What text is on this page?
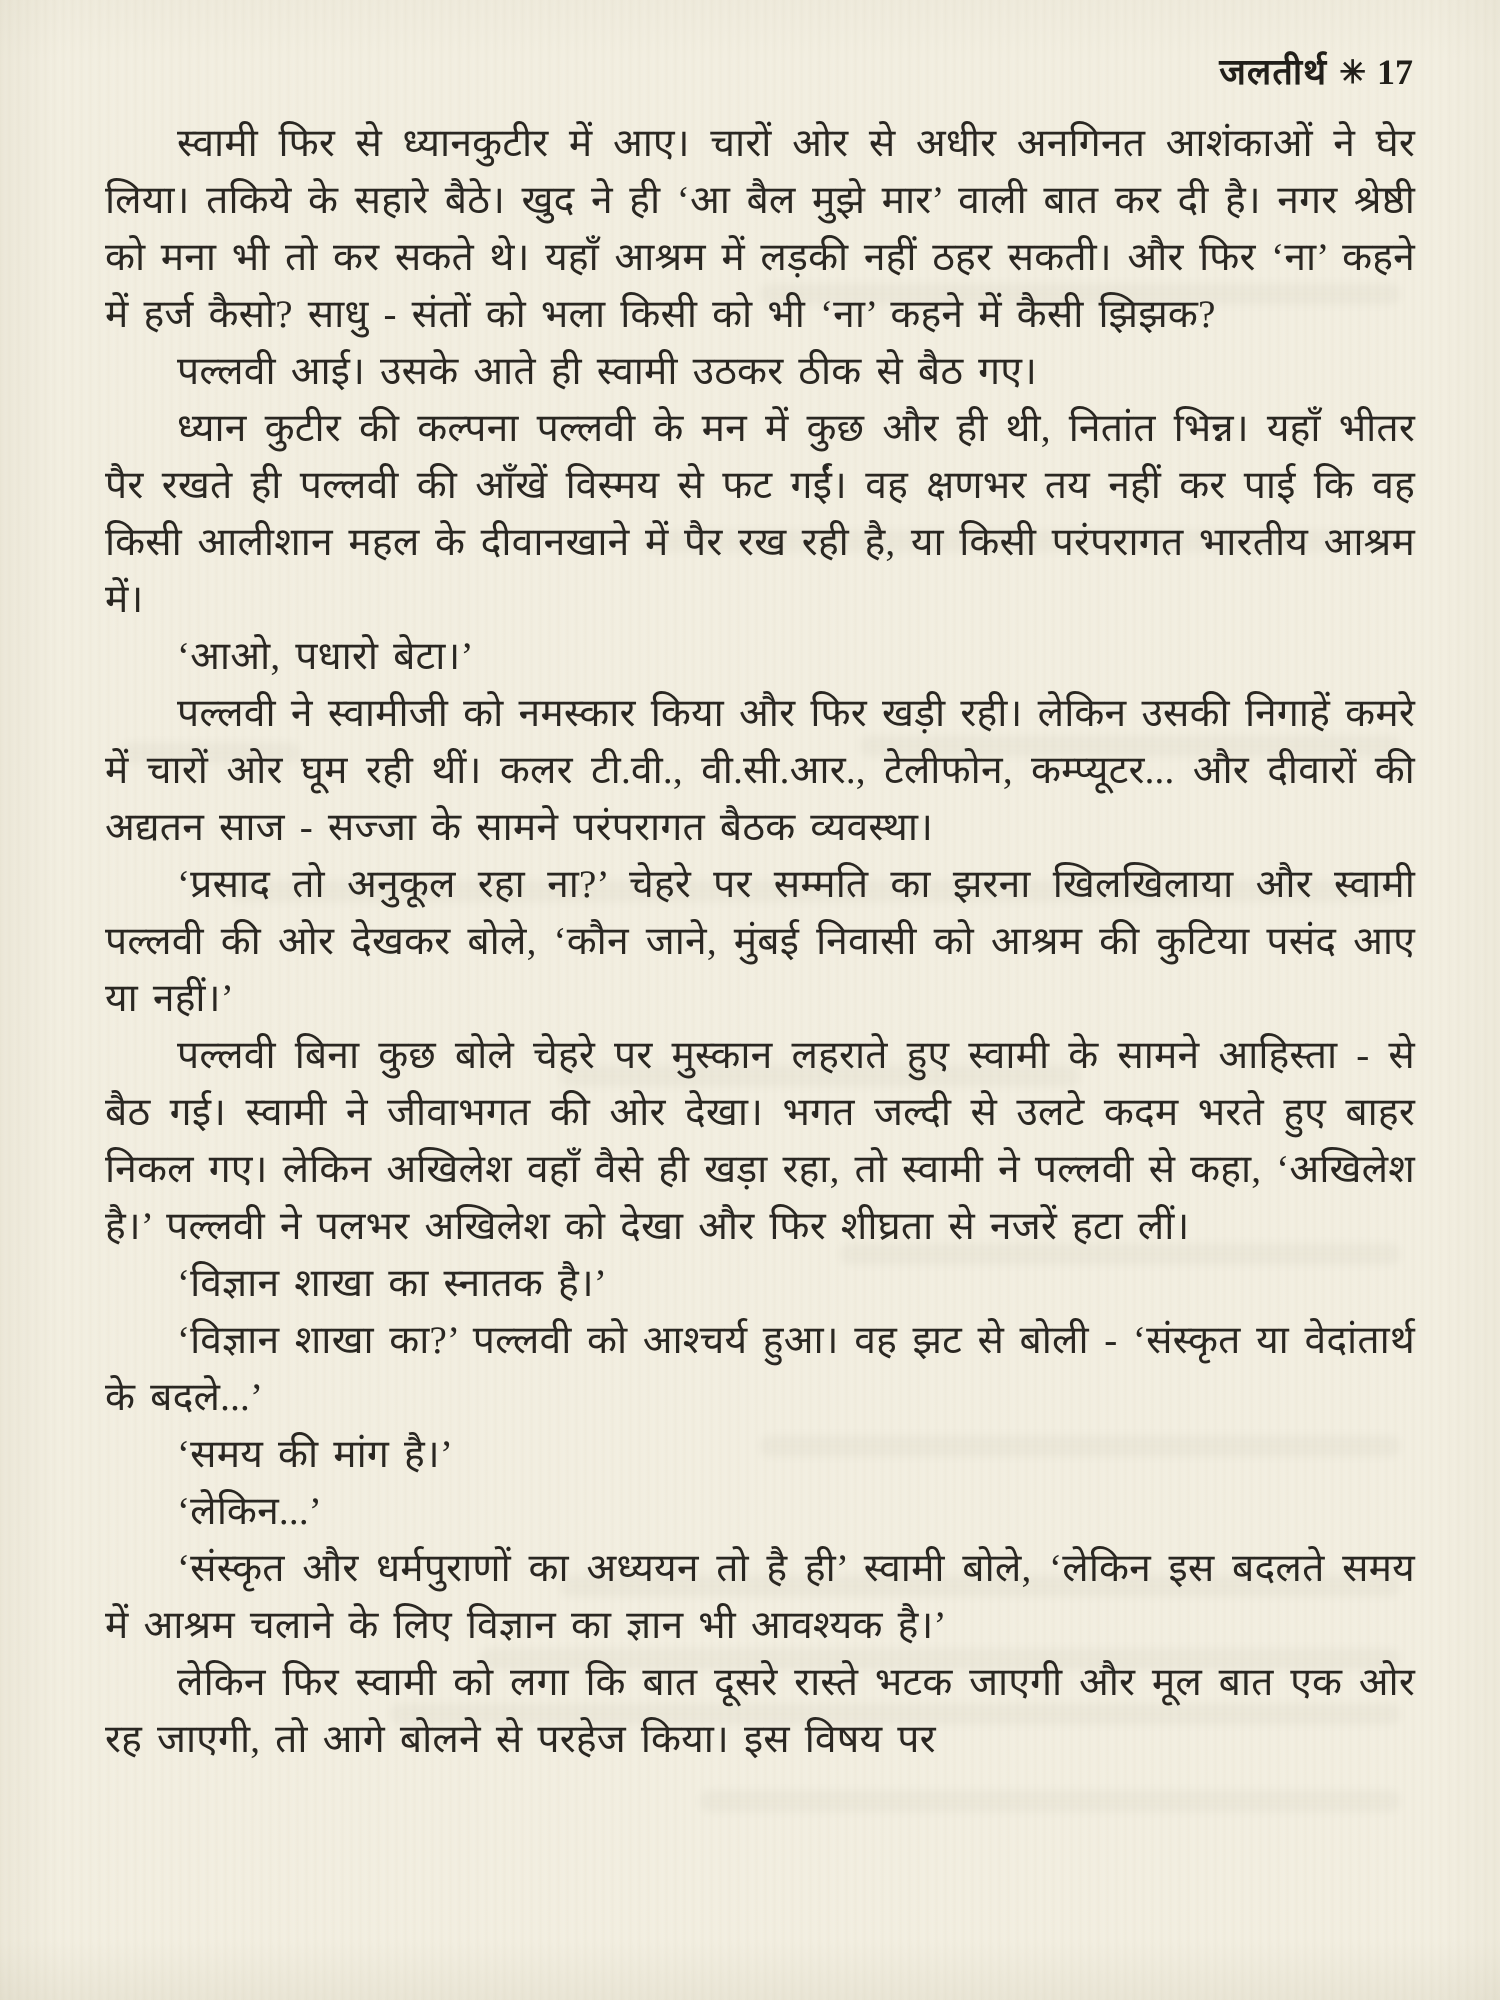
जलतीर्थ ✳ 17

स्वामी फिर से ध्यानकुटीर में आए। चारों ओर से अधीर अनगिनत आशंकाओं ने घेर लिया। तकिये के सहारे बैठे। खुद ने ही ‘आ बैल मुझे मार’ वाली बात कर दी है। नगर श्रेष्ठी को मना भी तो कर सकते थे। यहाँ आश्रम में लड़की नहीं ठहर सकती। और फिर ‘ना’ कहने में हर्ज कैसो? साधु - संतों को भला किसी को भी ‘ना’ कहने में कैसी झिझक?

पल्लवी आई। उसके आते ही स्वामी उठकर ठीक से बैठ गए।

ध्यान कुटीर की कल्पना पल्लवी के मन में कुछ और ही थी, नितांत भिन्न। यहाँ भीतर पैर रखते ही पल्लवी की आँखें विस्मय से फट गईं। वह क्षणभर तय नहीं कर पाई कि वह किसी आलीशान महल के दीवानखाने में पैर रख रही है, या किसी परंपरागत भारतीय आश्रम में।

‘आओ, पधारो बेटा।’

पल्लवी ने स्वामीजी को नमस्कार किया और फिर खड़ी रही। लेकिन उसकी निगाहें कमरे में चारों ओर घूम रही थीं। कलर टी.वी., वी.सी.आर., टेलीफोन, कम्प्यूटर... और दीवारों की अद्यतन साज - सज्जा के सामने परंपरागत बैठक व्यवस्था।

‘प्रसाद तो अनुकूल रहा ना?’ चेहरे पर सम्मति का झरना खिलखिलाया और स्वामी पल्लवी की ओर देखकर बोले, ‘कौन जाने, मुंबई निवासी को आश्रम की कुटिया पसंद आए या नहीं।’

पल्लवी बिना कुछ बोले चेहरे पर मुस्कान लहराते हुए स्वामी के सामने आहिस्ता - से बैठ गई। स्वामी ने जीवाभगत की ओर देखा। भगत जल्दी से उलटे कदम भरते हुए बाहर निकल गए। लेकिन अखिलेश वहाँ वैसे ही खड़ा रहा, तो स्वामी ने पल्लवी से कहा, ‘अखिलेश है।’ पल्लवी ने पलभर अखिलेश को देखा और फिर शीघ्रता से नजरें हटा लीं।

‘विज्ञान शाखा का स्नातक है।’

‘विज्ञान शाखा का?’ पल्लवी को आश्चर्य हुआ। वह झट से बोली - ‘संस्कृत या वेदांतार्थ के बदले...’

‘समय की मांग है।’

‘लेकिन...’

‘संस्कृत और धर्मपुराणों का अध्ययन तो है ही’ स्वामी बोले, ‘लेकिन इस बदलते समय में आश्रम चलाने के लिए विज्ञान का ज्ञान भी आवश्यक है।’

लेकिन फिर स्वामी को लगा कि बात दूसरे रास्ते भटक जाएगी और मूल बात एक ओर रह जाएगी, तो आगे बोलने से परहेज किया। इस विषय पर
